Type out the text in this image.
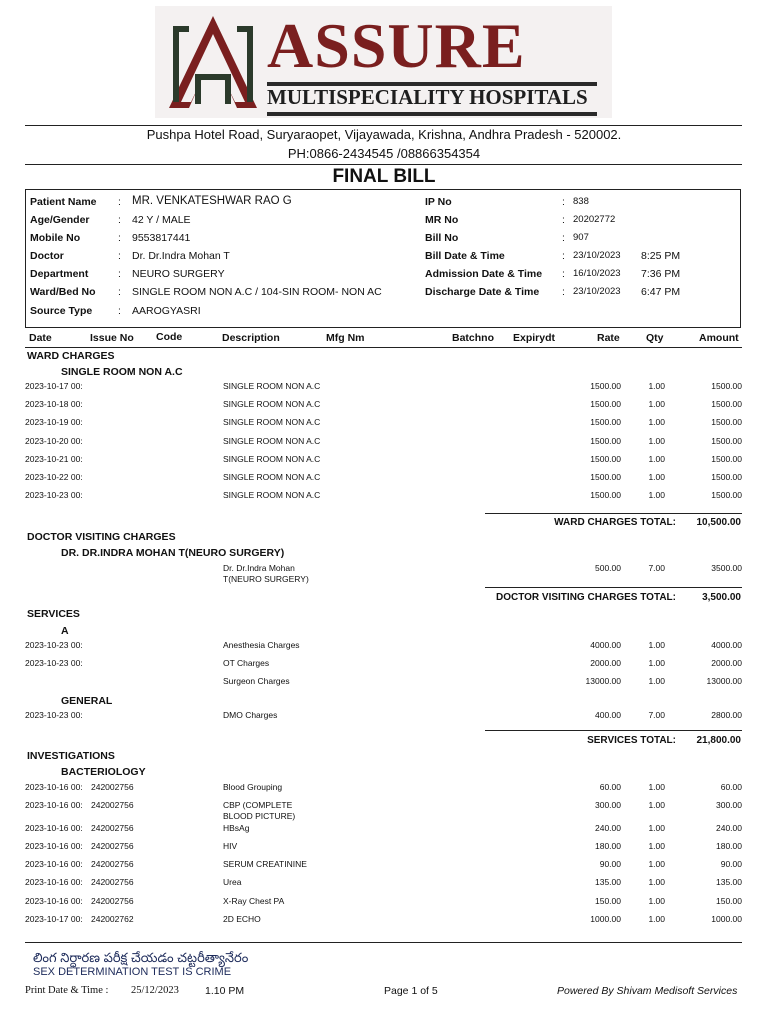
ASSURE
MULTISPECIALITY HOSPITALS
Pushpa Hotel Road, Suryaraopet, Vijayawada, Krishna, Andhra Pradesh - 520002.
PH:0866-2434545 /08866354354
FINAL BILL
Patient Name : MR. VENKATESHWAR RAO G
Age/Gender	: 42 Y / MALE
Mobile No	: 9553817441
Doctor	: Dr. Dr.Indra Mohan T
Department	: NEURO SURGERY
Ward/Bed No : SINGLE ROOM NON A.C / 104-SIN ROOM- NON AC
Source Type : AAROGYASRI
IP No	: 838
MR No	: 20202772
Bill No	: 907
Bill Date & Time	: 23/10/2023 8:25 PM
Admission Date & Time : 16/10/2023 7:36 PM
Discharge Date & Time : 23/10/2023 6:47 PM
Date	Issue No Code	Description	Mfg Nm	Batchno Expirydt	Rate Qty	Amount
WARD CHARGES
SINGLE ROOM NON A.C
2023-10-17 00:	SINGLE ROOM NON A.C	1500.00	1.00	1500.00
2023-10-18 00:	SINGLE ROOM NON A.C	1500.00	1.00	1500.00
2023-10-19 00:	SINGLE ROOM NON A.C	1500.00	1.00	1500.00
2023-10-20 00:	SINGLE ROOM NON A.C	1500.00	1.00	1500.00
2023-10-21 00:	SINGLE ROOM NON A.C	1500.00	1.00	1500.00
2023-10-22 00:	SINGLE ROOM NON A.C	1500.00	1.00	1500.00
2023-10-23 00:	SINGLE ROOM NON A.C	1500.00	1.00	1500.00
WARD CHARGES TOTAL: 10,500.00
DOCTOR VISITING CHARGES
DR. DR.INDRA MOHAN T(NEURO SURGERY)
Dr. Dr.Indra Mohan
T(NEURO SURGERY)
500.00	7.00	3500.00
DOCTOR VISITING CHARGES TOTAL:	3,500.00
SERVICES
A
2023-10-23 00:	Anesthesia Charges	4000.00	1.00	4000.00
2023-10-23 00:	OT Charges	2000.00	1.00	2000.00
Surgeon Charges	13000.00	1.00	13000.00
GENERAL
2023-10-23 00:	DMO Charges	400.00	7.00	2800.00
SERVICES TOTAL: 21,800.00
INVESTIGATIONS
BACTERIOLOGY
2023-10-16 00: 242002756	Blood Grouping	60.00	1.00	60.00
2023-10-16 00: 242002756	CBP (COMPLETE
BLOOD PICTURE)
300.00	1.00	300.00
2023-10-16 00: 242002756	HBsAg	240.00	1.00	240.00
2023-10-16 00: 242002756	HIV	180.00	1.00	180.00
2023-10-16 00: 242002756	SERUM CREATININE	90.00	1.00	90.00
2023-10-16 00: 242002756	Urea	135.00	1.00	135.00
2023-10-16 00: 242002756	X-Ray Chest PA	150.00	1.00	150.00
2023-10-17 00: 242002762	2D ECHO	1000.00	1.00	1000.00
లింగ నిర్ధారణ పరీక్ష చేయడం చట్టరీత్యానేరం
SEX DETERMINATION TEST IS CRIME
Print Date & Time : 25/12/2023 1.10 PM	Page 1 of 5	Powered By Shivam Medisoft Services
